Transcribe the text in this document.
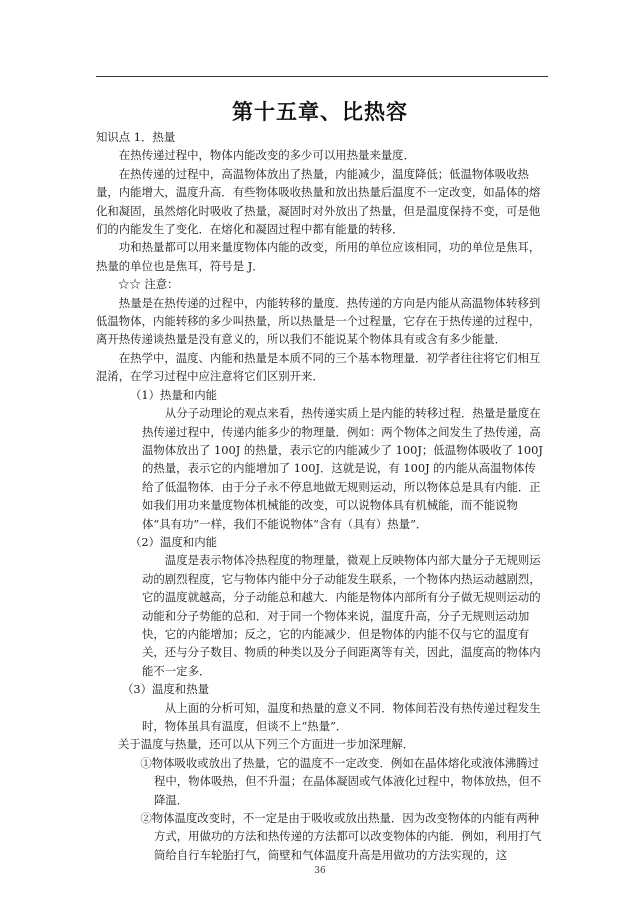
第十五章、比热容

知识点 1．热量

在热传递过程中，物体内能改变的多少可以用热量来量度．

在热传递的过程中，高温物体放出了热量，内能减少，温度降低；低温物体吸收热量，内能增大，温度升高．有些物体吸收热量和放出热量后温度不一定改变，如晶体的熔化和凝固，虽然熔化时吸收了热量，凝固时对外放出了热量，但是温度保持不变，可是他们的内能发生了变化．在熔化和凝固过程中都有能量的转移．

功和热量都可以用来量度物体内能的改变，所用的单位应该相同，功的单位是焦耳，热量的单位也是焦耳，符号是 J．

☆☆ 注意：

热量是在热传递的过程中，内能转移的量度．热传递的方向是内能从高温物体转移到低温物体，内能转移的多少叫热量，所以热量是一个过程量，它存在于热传递的过程中，离开热传递谈热量是没有意义的，所以我们不能说某个物体具有或含有多少能量．

在热学中，温度、内能和热量是本质不同的三个基本物理量．初学者往往将它们相互混淆，在学习过程中应注意将它们区别开来．

（1）热量和内能

从分子动理论的观点来看，热传递实质上是内能的转移过程．热量是量度在热传递过程中，传递内能多少的物理量．例如：两个物体之间发生了热传递，高温物体放出了 100J 的热量，表示它的内能减少了 100J；低温物体吸收了 100J 的热量，表示它的内能增加了 100J．这就是说，有 100J 的内能从高温物体传给了低温物体．由于分子永不停息地做无规则运动，所以物体总是具有内能．正如我们用功来量度物体机械能的改变，可以说物体具有机械能，而不能说物体“具有功”一样，我们不能说物体“含有（具有）热量”．

（2）温度和内能

温度是表示物体冷热程度的物理量，微观上反映物体内部大量分子无规则运动的剧烈程度，它与物体内能中分子动能发生联系，一个物体内热运动越剧烈，它的温度就越高，分子动能总和越大．内能是物体内部所有分子做无规则运动的动能和分子势能的总和．对于同一个物体来说，温度升高，分子无规则运动加快，它的内能增加；反之，它的内能减少．但是物体的内能不仅与它的温度有关，还与分子数目、物质的种类以及分子间距离等有关，因此，温度高的物体内能不一定多．

（3）温度和热量

从上面的分析可知，温度和热量的意义不同．物体间若没有热传递过程发生时，物体虽具有温度，但谈不上“热量”．

关于温度与热量，还可以从下列三个方面进一步加深理解．

①物体吸收或放出了热量，它的温度不一定改变．例如在晶体熔化或液体沸腾过程中，物体吸热，但不升温；在晶体凝固或气体液化过程中，物体放热，但不降温．

②物体温度改变时，不一定是由于吸收或放出热量．因为改变物体的内能有两种方式，用做功的方法和热传递的方法都可以改变物体的内能．例如，利用打气筒给自行车轮胎打气，筒壁和气体温度升高是用做功的方法实现的，这

36
